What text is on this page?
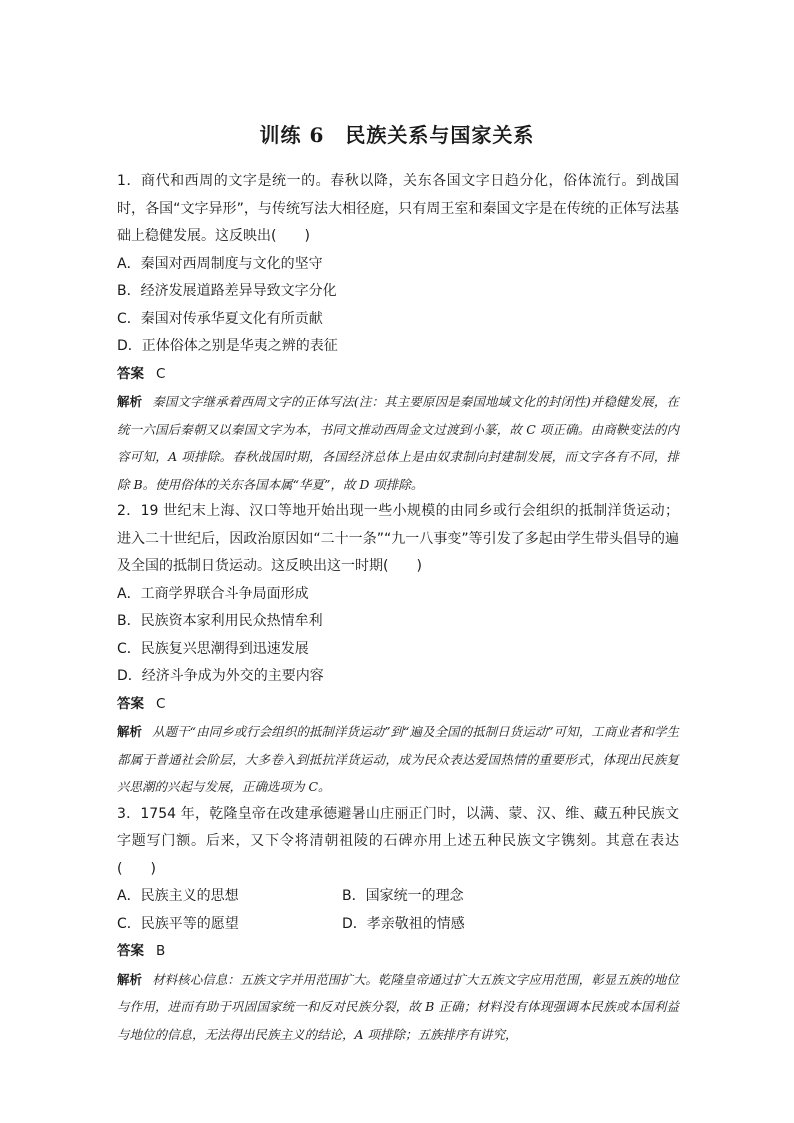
训练 6　民族关系与国家关系
1．商代和西周的文字是统一的。春秋以降，关东各国文字日趋分化，俗体流行。到战国时，各国“文字异形”，与传统写法大相径庭，只有周王室和秦国文字是在传统的正体写法基础上稳健发展。这反映出(　　)
A．秦国对西周制度与文化的坚守
B．经济发展道路差异导致文字分化
C．秦国对传承华夏文化有所贡献
D．正体俗体之别是华夷之辨的表征
答案 C
解析 秦国文字继承着西周文字的正体写法(注：其主要原因是秦国地域文化的封闭性)并稳健发展，在统一六国后秦朝又以秦国文字为本，书同文推动西周金文过渡到小篆，故 C 项正确。由商鞅变法的内容可知，A 项排除。春秋战国时期，各国经济总体上是由奴隶制向封建制发展，而文字各有不同，排除 B。使用俗体的关东各国本属“华夏”，故 D 项排除。
2．19 世纪末上海、汉口等地开始出现一些小规模的由同乡或行会组织的抵制洋货运动；进入二十世纪后，因政治原因如“二十一条”“九一八事变”等引发了多起由学生带头倡导的遍及全国的抵制日货运动。这反映出这一时期(　　)
A．工商学界联合斗争局面形成
B．民族资本家利用民众热情牟利
C．民族复兴思潮得到迅速发展
D．经济斗争成为外交的主要内容
答案 C
解析 从题干“由同乡或行会组织的抵制洋货运动”到“遍及全国的抵制日货运动”可知，工商业者和学生都属于普通社会阶层，大多卷入到抵抗洋货运动，成为民众表达爱国热情的重要形式，体现出民族复兴思潮的兴起与发展，正确选项为 C。
3．1754 年，乾隆皇帝在改建承德避暑山庄丽正门时，以满、蒙、汉、维、藏五种民族文字题写门额。后来，又下令将清朝祖陵的石碑亦用上述五种民族文字镌刻。其意在表达(　　)
A．民族主义的思想	B．国家统一的理念
C．民族平等的愿望	D．孝亲敬祖的情感
答案 B
解析 材料核心信息：五族文字并用范围扩大。乾隆皇帝通过扩大五族文字应用范围，彰显五族的地位与作用，进而有助于巩固国家统一和反对民族分裂，故 B 正确；材料没有体现强调本民族或本国利益与地位的信息，无法得出民族主义的结论，A 项排除；五族排序有讲究，
